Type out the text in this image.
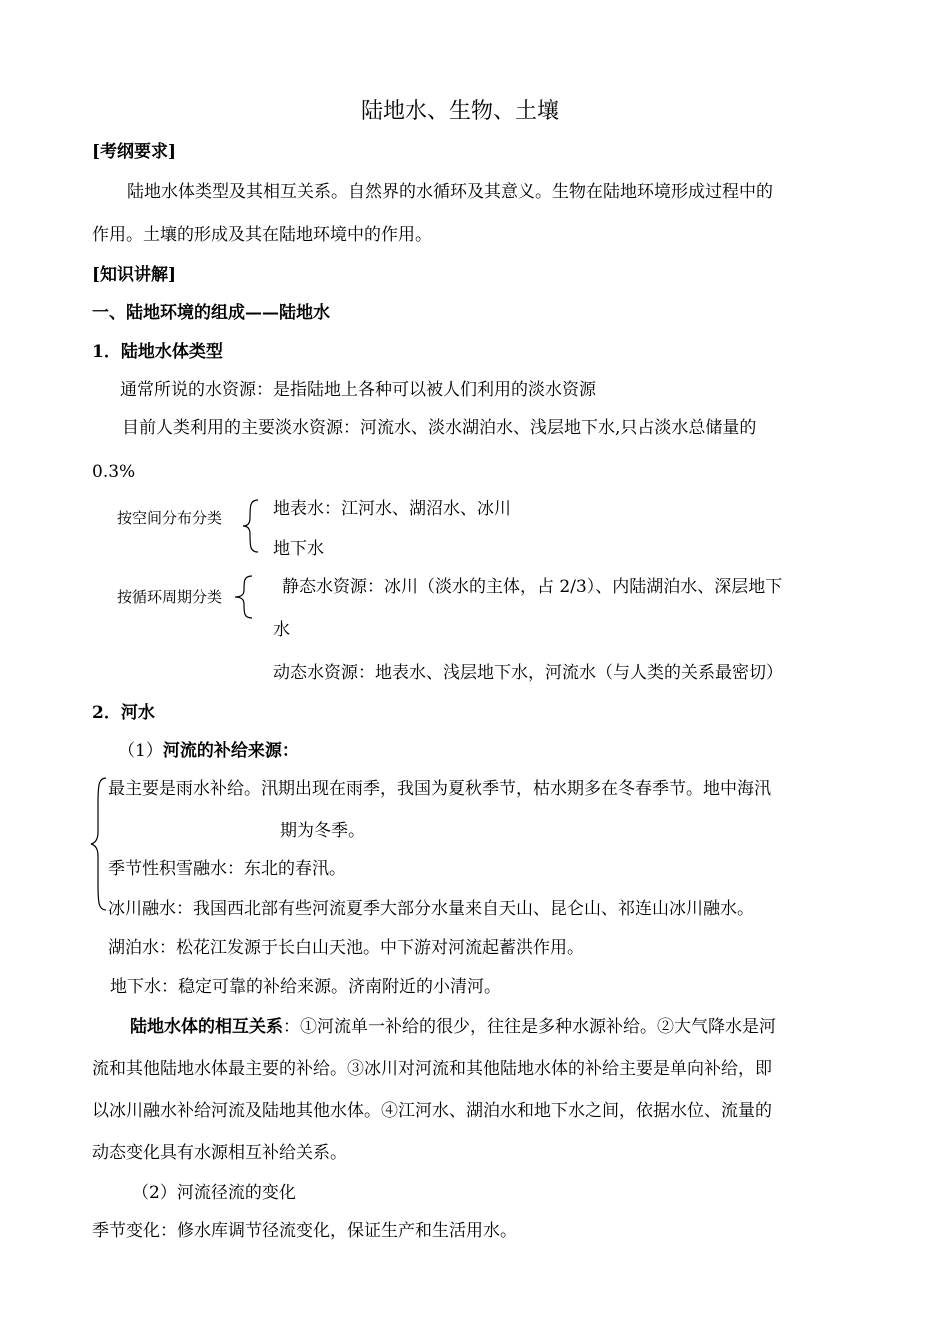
陆地水、生物、土壤
[考纲要求]
陆地水体类型及其相互关系。自然界的水循环及其意义。生物在陆地环境形成过程中的
作用。土壤的形成及其在陆地环境中的作用。
[知识讲解]
一、陆地环境的组成——陆地水
1．陆地水体类型
通常所说的水资源：是指陆地上各种可以被人们利用的淡水资源
目前人类利用的主要淡水资源：河流水、淡水湖泊水、浅层地下水,只占淡水总储量的
0.3%
按空间分布分类	地表水：江河水、湖沼水、冰川
地下水
按循环周期分类	静态水资源：冰川（淡水的主体，占 2/3）、内陆湖泊水、深层地下
水
动态水资源：地表水、浅层地下水，河流水（与人类的关系最密切）
2．河水
（1）河流的补给来源：
最主要是雨水补给。汛期出现在雨季，我国为夏秋季节，枯水期多在冬春季节。地中海汛
期为冬季。
季节性积雪融水：东北的春汛。
冰川融水：我国西北部有些河流夏季大部分水量来自天山、昆仑山、祁连山冰川融水。
湖泊水：松花江发源于长白山天池。中下游对河流起蓄洪作用。
地下水：稳定可靠的补给来源。济南附近的小清河。
陆地水体的相互关系：①河流单一补给的很少，往往是多种水源补给。②大气降水是河
流和其他陆地水体最主要的补给。③冰川对河流和其他陆地水体的补给主要是单向补给，即
以冰川融水补给河流及陆地其他水体。④江河水、湖泊水和地下水之间，依据水位、流量的
动态变化具有水源相互补给关系。
（2）河流径流的变化
季节变化：修水库调节径流变化，保证生产和生活用水。
